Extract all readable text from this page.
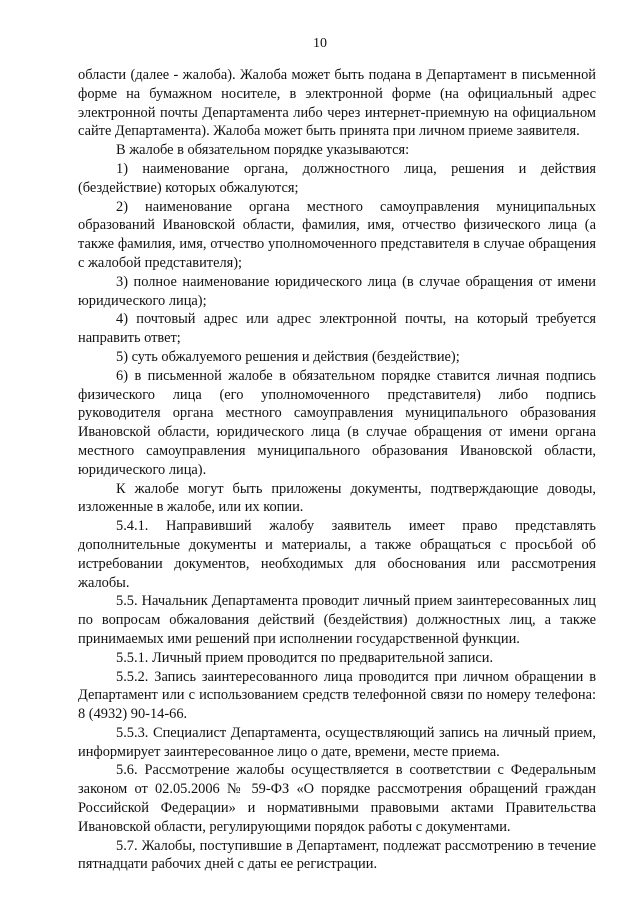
10

области (далее - жалоба). Жалоба может быть подана в Департамент в письменной форме на бумажном носителе, в электронной форме (на официальный адрес электронной почты Департамента либо через интернет-приемную на официальном сайте Департамента). Жалоба может быть принята при личном приеме заявителя.

В жалобе в обязательном порядке указываются:

1) наименование органа, должностного лица, решения и действия (бездействие) которых обжалуются;

2) наименование органа местного самоуправления муниципальных образований Ивановской области, фамилия, имя, отчество физического лица (а также фамилия, имя, отчество уполномоченного представителя в случае обращения с жалобой представителя);

3) полное наименование юридического лица (в случае обращения от имени юридического лица);

4) почтовый адрес или адрес электронной почты, на который требуется направить ответ;

5) суть обжалуемого решения и действия (бездействие);

6) в письменной жалобе в обязательном порядке ставится личная подпись физического лица (его уполномоченного представителя) либо подпись руководителя органа местного самоуправления муниципального образования Ивановской области, юридического лица (в случае обращения от имени органа местного самоуправления муниципального образования Ивановской области, юридического лица).

К жалобе могут быть приложены документы, подтверждающие доводы, изложенные в жалобе, или их копии.

5.4.1. Направивший жалобу заявитель имеет право представлять дополнительные документы и материалы, а также обращаться с просьбой об истребовании документов, необходимых для обоснования или рассмотрения жалобы.

5.5. Начальник Департамента проводит личный прием заинтересованных лиц по вопросам обжалования действий (бездействия) должностных лиц, а также принимаемых ими решений при исполнении государственной функции.

5.5.1. Личный прием проводится по предварительной записи.

5.5.2. Запись заинтересованного лица проводится при личном обращении в Департамент или с использованием средств телефонной связи по номеру телефона: 8 (4932) 90-14-66.

5.5.3. Специалист Департамента, осуществляющий запись на личный прием, информирует заинтересованное лицо о дате, времени, месте приема.

5.6. Рассмотрение жалобы осуществляется в соответствии с Федеральным законом от 02.05.2006 № 59-ФЗ «О порядке рассмотрения обращений граждан Российской Федерации» и нормативными правовыми актами Правительства Ивановской области, регулирующими порядок работы с документами.

5.7. Жалобы, поступившие в Департамент, подлежат рассмотрению в течение пятнадцати рабочих дней с даты ее регистрации.
